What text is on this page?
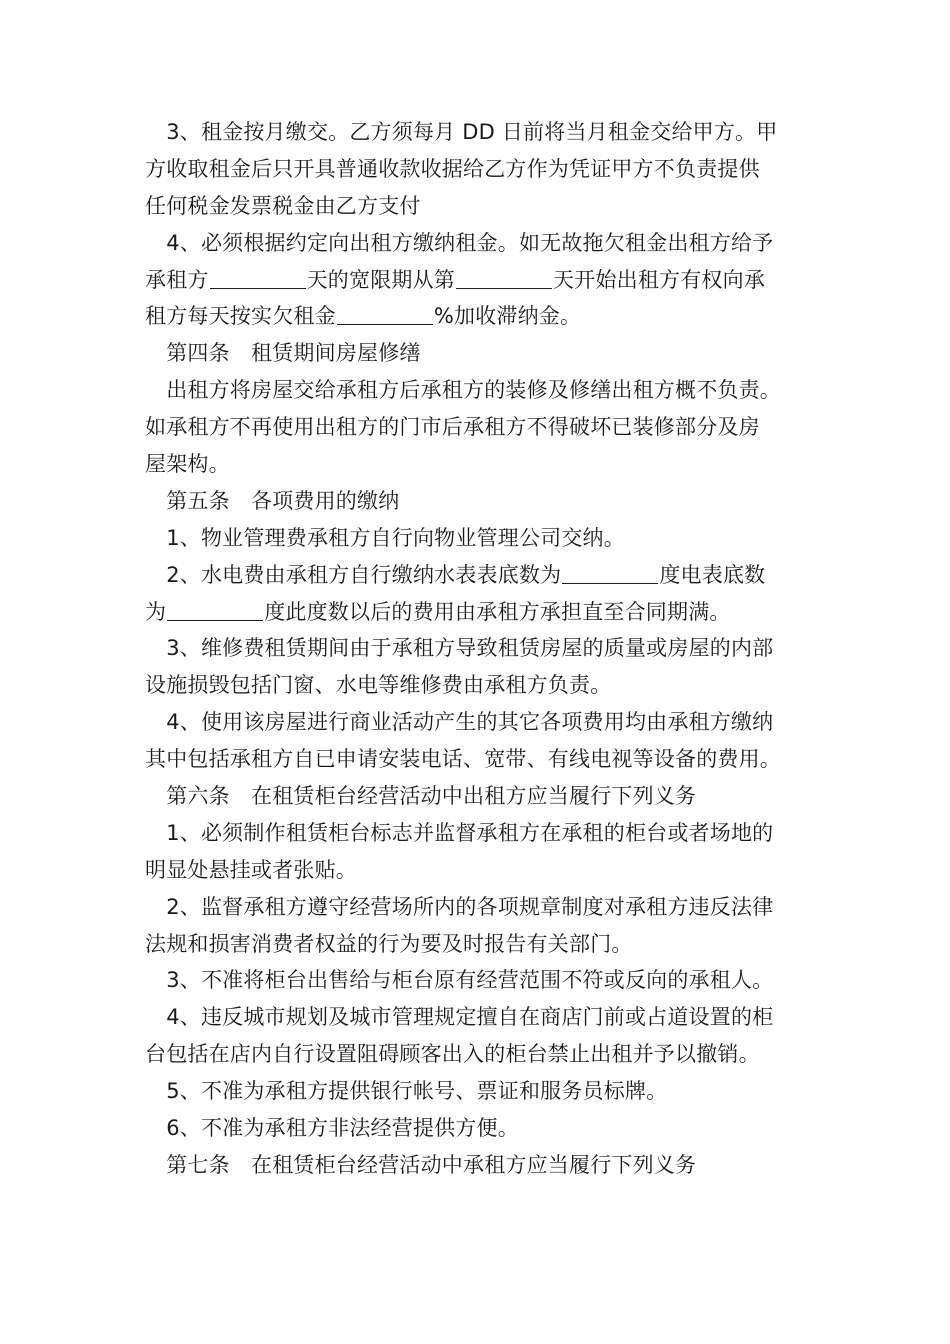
　3、租金按月缴交。乙方须每月 DD 日前将当月租金交给甲方。甲
方收取租金后只开具普通收款收据给乙方作为凭证甲方不负责提供
任何税金发票税金由乙方支付
　4、必须根据约定向出租方缴纳租金。如无故拖欠租金出租方给予
承租方	天的宽限期从第	天开始出租方有权向承
租方每天按实欠租金	%加收滞纳金。
　第四条　租赁期间房屋修缮
　出租方将房屋交给承租方后承租方的装修及修缮出租方概不负责。
如承租方不再使用出租方的门市后承租方不得破坏已装修部分及房
屋架构。
　第五条　各项费用的缴纳
　1、物业管理费承租方自行向物业管理公司交纳。
　2、水电费由承租方自行缴纳水表表底数为	度电表底数
为	度此度数以后的费用由承租方承担直至合同期满。
　3、维修费租赁期间由于承租方导致租赁房屋的质量或房屋的内部
设施损毁包括门窗、水电等维修费由承租方负责。
　4、使用该房屋进行商业活动产生的其它各项费用均由承租方缴纳
其中包括承租方自已申请安装电话、宽带、有线电视等设备的费用。
　第六条　在租赁柜台经营活动中出租方应当履行下列义务
　1、必须制作租赁柜台标志并监督承租方在承租的柜台或者场地的
明显处悬挂或者张贴。
　2、监督承租方遵守经营场所内的各项规章制度对承租方违反法律
法规和损害消费者权益的行为要及时报告有关部门。
　3、不准将柜台出售给与柜台原有经营范围不符或反向的承租人。
　4、违反城市规划及城市管理规定擅自在商店门前或占道设置的柜
台包括在店内自行设置阻碍顾客出入的柜台禁止出租并予以撤销。
　5、不准为承租方提供银行帐号、票证和服务员标牌。
　6、不准为承租方非法经营提供方便。
　第七条　在租赁柜台经营活动中承租方应当履行下列义务
